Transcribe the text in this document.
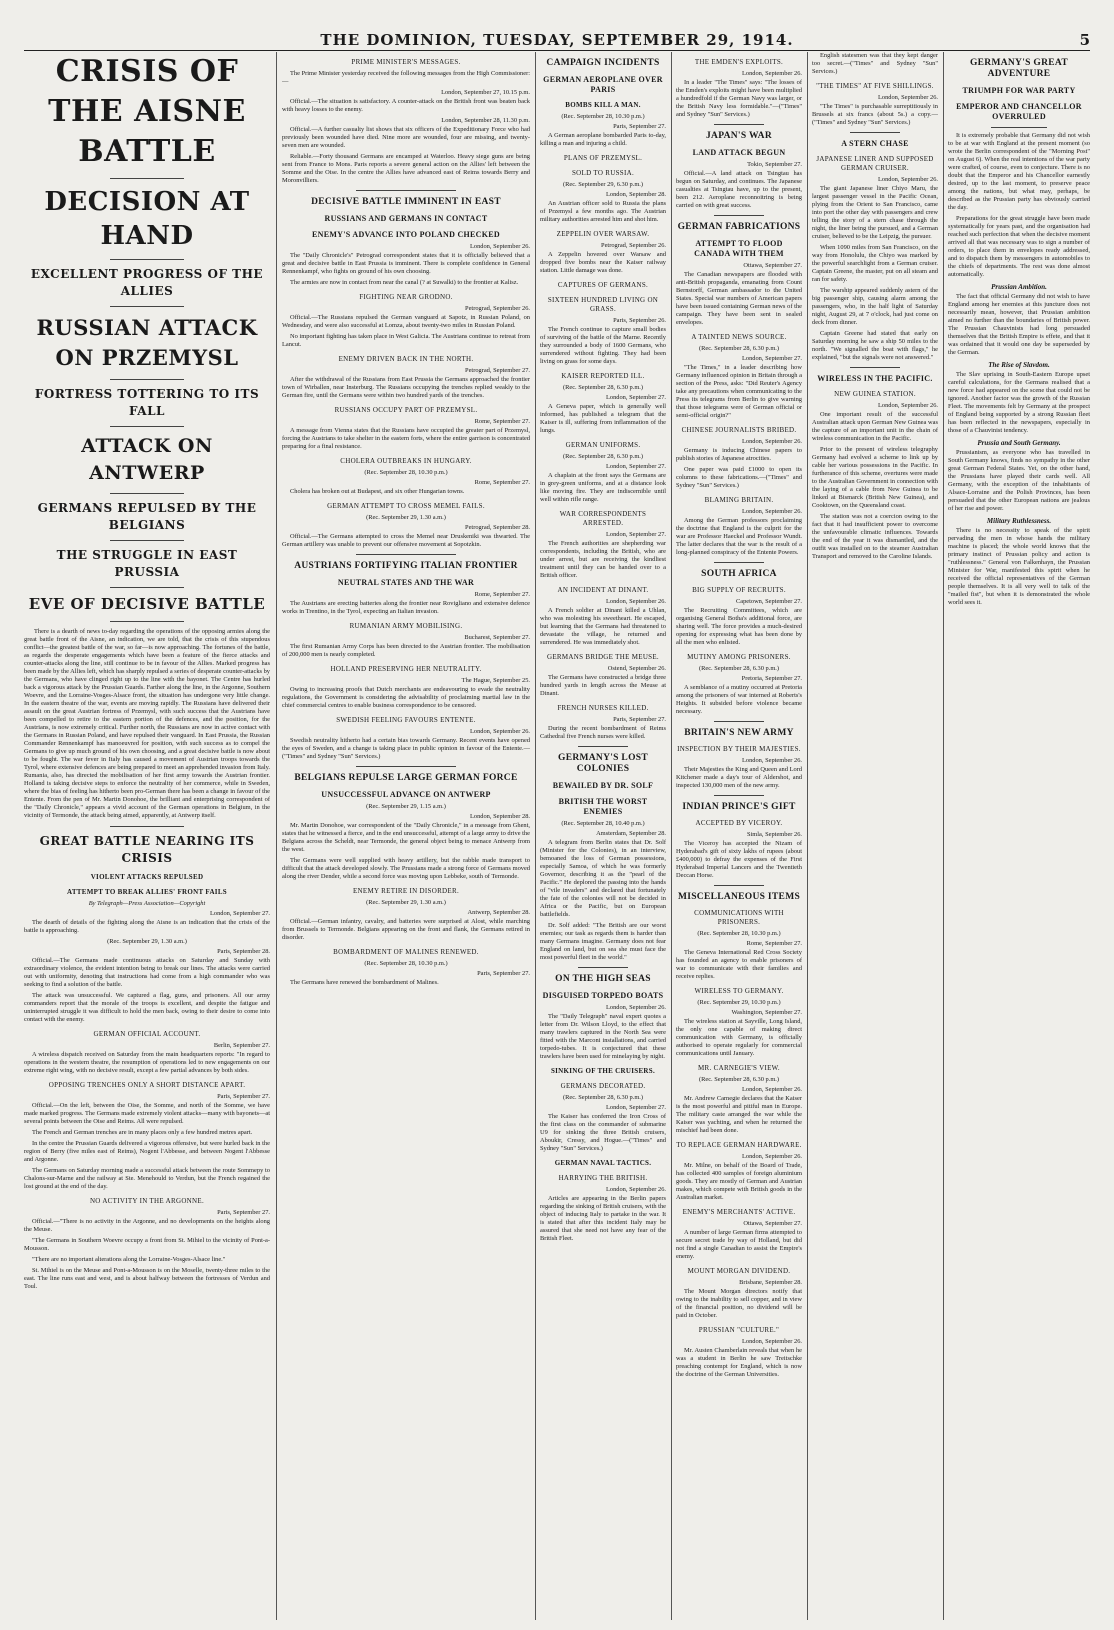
THE DOMINION, TUESDAY, SEPTEMBER 29, 1914.	5
CRISIS OF THE AISNE BATTLE
DECISION AT HAND
EXCELLENT PROGRESS OF THE ALLIES
RUSSIAN ATTACK ON PRZEMYSL
FORTRESS TOTTERING TO ITS FALL
ATTACK ON ANTWERP
GERMANS REPULSED BY THE BELGIANS
THE STRUGGLE IN EAST PRUSSIA
EVE OF DECISIVE BATTLE

There is a dearth of news to-day regarding the operations of the opposing armies along the great battle front of the Aisne, an indication, we are told, that the crisis of this stupendous conflict—the greatest battle of the war, so far—is now approaching. The fortunes of the battle, as regards the desperate engagements which have been a feature of the fierce attacks and counter-attacks along the line, still continue to be in favour of the Allies. Marked progress has been made by the Allies left, which has sharply repulsed a series of desperate counter-attacks by the Germans, who have clinged right up to the line with the bayonet. The Centre has hurled back a vigorous attack by the Prussian Guards. Farther along the line, in the Argonne, Southern Woevre, and the Lorraine-Vosges-Alsace front, the situation has undergone very little change. In the eastern theatre of the war, events are moving rapidly. The Russians have delivered their assault on the great Austrian fortress of Przemysl, with such success that the Austrians have been compelled to retire to the eastern portion of the defences, and the position, for the Austrians, is now extremely critical. Further north, the Russians are now in active contact with the Germans in Russian Poland, and have repulsed their vanguard. In East Prussia, the Russian Commander Rennenkampf has manoeuvred for position, with such success as to compel the Germans to give up much ground of his own choosing, and a great decisive battle is now about to be fought. The war fever in Italy has caused a movement of Austrian troops towards the Tyrol, where extensive defences are being prepared to meet an apprehended invasion from Italy. Rumania, also, has directed the mobilisation of her first army towards the Austrian frontier. Holland is taking decisive steps to enforce the neutrality of her commerce, while in Sweden, where the bias of feeling has hitherto been pro-German there has been a change in favour of the Entente. From the pen of Mr. Martin Donohoe, the brilliant and enterprising correspondent of the "Daily Chronicle," appears a vivid account of the German operations in Belgium, in the vicinity of Termonde, the attack being aimed, apparently, at Antwerp itself.

GREAT BATTLE NEARING ITS CRISIS
VIOLENT ATTACKS REPULSED
ATTEMPT TO BREAK ALLIES' FRONT FAILS
By Telegraph—Press Association—Copyright
London, September 27.

The dearth of details of the fighting along the Aisne is an indication that the crisis of the battle is approaching.

(Rec. September 29, 1.30 a.m.)
Paris, September 28.

Official.—The Germans made continuous attacks on Saturday and Sunday with extraordinary violence, the evident intention being to break our lines. The attacks were carried out with uniformity, denoting that instructions had come from a high commander who was seeking to find a solution of the battle.

The attack was unsuccessful. We captured a flag, guns, and prisoners. All our army commanders report that the morale of the troops is excellent, and despite the fatigue and uninterrupted struggle it was difficult to hold the men back, owing to their desire to come into contact with the enemy.

GERMAN OFFICIAL ACCOUNT.
Berlin, September 27.

A wireless dispatch received on Saturday from the main headquarters reports: "In regard to operations in the western theatre, the resumption of operations led to new engagements on our extreme right wing, with no decisive result, except a few partial advances by both sides.

OPPOSING TRENCHES ONLY A SHORT DISTANCE APART.
Paris, September 27.

Official.—On the left, between the Oise, the Somme, and north of the Somme, we have made marked progress. The Germans made extremely violent attacks—many with bayonets—at several points between the Oise and Reims. All were repulsed.

The French and German trenches are in many places only a few hundred metres apart.

In the centre the Prussian Guards delivered a vigorous offensive, but were hurled back in the region of Berry (five miles east of Reims), Nogent l'Abbesse, and between Nogent l'Abbesse and Argonne.

The Germans on Saturday morning made a successful attack between the route Sommepy to Chalons-sur-Marne and the railway at Ste. Menehould to Verdun, but the French regained the lost ground at the end of the day.

NO ACTIVITY IN THE ARGONNE.
Paris, September 27.

Official.—"There is no activity in the Argonne, and no developments on the heights along the Meuse.

"The Germans in Southern Woevre occupy a front from St. Mihiel to the vicinity of Pont-a-Mousson.

"There are no important alterations along the Lorraine-Vosges-Alsace line."

St. Mihiel is on the Meuse and Pont-a-Mousson is on the Moselle, twenty-three miles to the east. The line runs east and west, and is about halfway between the fortresses of Verdun and Toul.

PRIME MINISTER'S MESSAGES.

The Prime Minister yesterday received the following messages from the High Commissioner:—

London, September 27, 10.15 p.m.

Official.—The situation is satisfactory. A counter-attack on the British front was beaten back with heavy losses to the enemy.

London, September 28, 11.30 p.m.

Official.—A further casualty list shows that six officers of the Expeditionary Force who had previously been wounded have died. Nine more are wounded, four are missing, and twenty-seven men are wounded.

Reliable.—Forty thousand Germans are encamped at Waterloo. Heavy siege guns are being sent from France to Mons. Paris reports a severe general action on the Allies' left between the Somme and the Oise. In the centre the Allies have advanced east of Reims towards Berry and Moronvilliers.

DECISIVE BATTLE IMMINENT IN EAST
RUSSIANS AND GERMANS IN CONTACT
ENEMY'S ADVANCE INTO POLAND CHECKED
London, September 26.

The "Daily Chronicle's" Petrograd correspondent states that it is officially believed that a great and decisive battle in East Prussia is imminent. There is complete confidence in General Rennenkampf, who fights on ground of his own choosing.

The armies are now in contact from near the canal (? at Suwalki) to the frontier at Kalisz.

FIGHTING NEAR GRODNO.
Petrograd, September 26.

Official.—The Russians repulsed the German vanguard at Sapotz, in Russian Poland, on Wednesday, and were also successful at Lomza, about twenty-two miles in Russian Poland.

No important fighting has taken place in West Galicia. The Austrians continue to retreat from Lancut.

ENEMY DRIVEN BACK IN THE NORTH.
Petrograd, September 27.

After the withdrawal of the Russians from East Prussia the Germans approached the frontier town of Wirballen, near Insterburg. The Russians occupying the trenches replied weakly to the German fire, until the Germans were within two hundred yards of the trenches.

RUSSIANS OCCUPY PART OF PRZEMYSL.
Rome, September 27.

A message from Vienna states that the Russians have occupied the greater part of Przemysl, forcing the Austrians to take shelter in the eastern forts, where the entire garrison is concentrated preparing for a final resistance.

CHOLERA OUTBREAKS IN HUNGARY.
(Rec. September 28, 10.30 p.m.)
Rome, September 27.

Cholera has broken out at Budapest, and six other Hungarian towns.

GERMAN ATTEMPT TO CROSS MEMEL FAILS.
(Rec. September 29, 1.30 a.m.)
Petrograd, September 28.

Official.—The Germans attempted to cross the Memel near Druskeniki was thwarted. The German artillery was unable to prevent our offensive movement at Sopotzkin.

AUSTRIANS FORTIFYING ITALIAN FRONTIER
NEUTRAL STATES AND THE WAR
Rome, September 27.

The Austrians are erecting batteries along the frontier near Rovigliano and extensive defence works in Trentino, in the Tyrol, expecting an Italian invasion.

RUMANIAN ARMY MOBILISING.
Bucharest, September 27.

The first Rumanian Army Corps has been directed to the Austrian frontier. The mobilisation of 200,000 men is nearly completed.

HOLLAND PRESERVING HER NEUTRALITY.
The Hague, September 25.

Owing to increasing proofs that Dutch merchants are endeavouring to evade the neutrality regulations, the Government is considering the advisability of proclaiming martial law in the chief commercial centres to enable business correspondence to be censored.

SWEDISH FEELING FAVOURS ENTENTE.
London, September 26.

Swedish neutrality hitherto had a certain bias towards Germany. Recent events have opened the eyes of Sweden, and a change is taking place in public opinion in favour of the Entente.—("Times" and Sydney "Sun" Services.)

BELGIANS REPULSE LARGE GERMAN FORCE
UNSUCCESSFUL ADVANCE ON ANTWERP
(Rec. September 29, 1.15 a.m.)
London, September 28.

Mr. Martin Donohoe, war correspondent of the "Daily Chronicle," in a message from Ghent, states that he witnessed a fierce, and in the end unsuccessful, attempt of a large army to drive the Belgians across the Scheldt, near Termonde, the general object being to menace Antwerp from the west.

The Germans were well supplied with heavy artillery, but the rabble made transport to difficult that the attack developed slowly. The Prussians made a strong force of Germans moved along the river Dender, while a second force was moving upon Lebbeke, south of Termonde.

ENEMY RETIRE IN DISORDER.
(Rec. September 29, 1.30 a.m.)
Antwerp, September 28.

Official.—German infantry, cavalry, and batteries were surprised at Alost, while marching from Brussels to Termonde. Belgians appearing on the front and flank, the Germans retired in disorder.

BOMBARDMENT OF MALINES RENEWED.
(Rec. September 28, 10.30 p.m.)
Paris, September 27.

The Germans have renewed the bombardment of Malines.

CAMPAIGN INCIDENTS
GERMAN AEROPLANE OVER PARIS
BOMBS KILL A MAN.
(Rec. September 28, 10.30 p.m.)
Paris, September 27.

A German aeroplane bombarded Paris to-day, killing a man and injuring a child.

PLANS OF PRZEMYSL.
SOLD TO RUSSIA.
(Rec. September 29, 6.30 p.m.)
London, September 28.

An Austrian officer sold to Russia the plans of Przemysl a few months ago. The Austrian military authorities arrested him and shot him.

ZEPPELIN OVER WARSAW.
Petrograd, September 26.

A Zeppelin hovered over Warsaw and dropped five bombs near the Kaiser railway station. Little damage was done.

CAPTURES OF GERMANS.
SIXTEEN HUNDRED LIVING ON GRASS.
Paris, September 26.

The French continue to capture small bodies of surviving of the battle of the Marne. Recently they surrounded a body of 1600 Germans, who surrendered without fighting. They had been living on grass for some days.

KAISER REPORTED ILL.
(Rec. September 28, 6.30 p.m.)
London, September 27.

A Geneva paper, which is generally well informed, has published a telegram that the Kaiser is ill, suffering from inflammation of the lungs.

GERMAN UNIFORMS.
(Rec. September 28, 6.30 p.m.)
London, September 27.

A chaplain at the front says the Germans are in grey-green uniforms, and at a distance look like moving fire. They are indiscernible until well within rifle range.

WAR CORRESPONDENTS ARRESTED.
London, September 27.

The French authorities are shepherding war correspondents, including the British, who are under arrest, but are receiving the kindliest treatment until they can be handed over to a British officer.

AN INCIDENT AT DINANT.
London, September 26.

A French soldier at Dinant killed a Uhlan, who was molesting his sweetheart. He escaped, but learning that the Germans had threatened to devastate the village, he returned and surrendered. He was immediately shot.

GERMANS BRIDGE THE MEUSE.
Ostend, September 26.

The Germans have constructed a bridge three hundred yards in length across the Meuse at Dinant.

FRENCH NURSES KILLED.
Paris, September 27.

During the recent bombardment of Reims Cathedral five French nurses were killed.

GERMANY'S LOST COLONIES
BEWAILED BY DR. SOLF
BRITISH THE WORST ENEMIES
(Rec. September 28, 10.40 p.m.)
Amsterdam, September 28.

A telegram from Berlin states that Dr. Solf (Minister for the Colonies), in an interview, bemoaned the loss of German possessions, especially Samoa, of which he was formerly Governor, describing it as the "pearl of the Pacific." He deplored the passing into the hands of "vile invaders" and declared that fortunately the fate of the colonies will not be decided in Africa or the Pacific, but on European battlefields.

Dr. Solf added: "The British are our worst enemies; our task as regards them is harder than many Germans imagine. Germany does not fear England on land, but on sea she must face the most powerful fleet in the world."

ON THE HIGH SEAS
DISGUISED TORPEDO BOATS
London, September 26.

The "Daily Telegraph" naval expert quotes a letter from Dr. Wilson Lloyd, to the effect that many trawlers captured in the North Sea were fitted with the Marconi installations, and carried torpedo-tubes. It is conjectured that these trawlers have been used for minelaying by night.

SINKING OF THE CRUISERS.
GERMANS DECORATED.
(Rec. September 28, 6.30 p.m.)
London, September 27.

The Kaiser has conferred the Iron Cross of the first class on the commander of submarine U9 for sinking the three British cruisers, Aboukir, Cressy, and Hogue.—("Times" and Sydney "Sun" Services.)

GERMAN NAVAL TACTICS.
HARRYING THE BRITISH.
London, September 26.

Articles are appearing in the Berlin papers regarding the sinking of British cruisers, with the object of inducing Italy to partake in the war. It is stated that after this incident Italy may be assured that she need not have any fear of the British Fleet.

THE EMDEN'S EXPLOITS.
London, September 26.

In a leader "The Times" says: "The losses of the Emden's exploits might have been multiplied a hundredfold if the German Navy was larger, or the British Navy less formidable."—("Times" and Sydney "Sun" Services.)

JAPAN'S WAR
LAND ATTACK BEGUN
Tokio, September 27.

Official.—A land attack on Tsingtau has begun on Saturday, and continues. The Japanese casualties at Tsingtau have, up to the present, been 212. Aeroplane reconnoitring is being carried on with great success.

GERMAN FABRICATIONS
ATTEMPT TO FLOOD CANADA WITH THEM
Ottawa, September 27.

The Canadian newspapers are flooded with anti-British propaganda, emanating from Count Bernstorff, German ambassador to the United States. Special war numbers of American papers have been issued containing German news of the campaign. They have been sent in sealed envelopes.

A TAINTED NEWS SOURCE.
(Rec. September 28, 6.30 p.m.)
London, September 27.

"The Times," in a leader describing how Germany influenced opinion in Britain through a section of the Press, asks: "Did Reuter's Agency take any precautions when communicating to the Press its telegrams from Berlin to give warning that those telegrams were of German official or semi-official origin?"

CHINESE JOURNALISTS BRIBED.
London, September 26.

Germany is inducing Chinese papers to publish stories of Japanese atrocities.

One paper was paid £1000 to open its columns to these fabrications.—("Times" and Sydney "Sun" Services.)

BLAMING BRITAIN.
London, September 26.

Among the German professors proclaiming the doctrine that England is the culprit for the war are Professor Haeckel and Professor Wundt. The latter declares that the war is the result of a long-planned conspiracy of the Entente Powers.

SOUTH AFRICA
BIG SUPPLY OF RECRUITS.
Capetown, September 27.

The Recruiting Committees, which are organising General Botha's additional force, are sharing well. The force provides a much-desired opening for expressing what has been done by all the men who enlisted.

MUTINY AMONG PRISONERS.
(Rec. September 28, 6.30 p.m.)
Pretoria, September 27.

A semblance of a mutiny occurred at Pretoria among the prisoners of war interned at Roberts's Heights. It subsided before violence became necessary.

BRITAIN'S NEW ARMY
INSPECTION BY THEIR MAJESTIES.
London, September 26.

Their Majesties the King and Queen and Lord Kitchener made a day's tour of Aldershot, and inspected 130,000 men of the new army.

INDIAN PRINCE'S GIFT
ACCEPTED BY VICEROY.
Simla, September 26.

The Viceroy has accepted the Nizam of Hyderabad's gift of sixty lakhs of rupees (about £400,000) to defray the expenses of the First Hyderabad Imperial Lancers and the Twentieth Deccan Horse.

MISCELLANEOUS ITEMS
COMMUNICATIONS WITH PRISONERS.
(Rec. September 28, 10.30 p.m.)
Rome, September 27.

The Geneva International Red Cross Society has founded an agency to enable prisoners of war to communicate with their families and receive replies.

WIRELESS TO GERMANY.
(Rec. September 29, 10.30 p.m.)
Washington, September 27.

The wireless station at Sayville, Long Island, the only one capable of making direct communication with Germany, is officially authorised to operate regularly for commercial communications until January.

MR. CARNEGIE'S VIEW.
(Rec. September 28, 6.30 p.m.)
London, September 26.

Mr. Andrew Carnegie declares that the Kaiser is the most powerful and pitiful man in Europe. The military caste arranged the war while the Kaiser was yachting, and when he returned the mischief had been done.

TO REPLACE GERMAN HARDWARE.
London, September 26.

Mr. Milne, on behalf of the Board of Trade, has collected 400 samples of foreign aluminium goods. They are mostly of German and Austrian makes, which compete with British goods in the Australian market.

ENEMY'S MERCHANTS' ACTIVE.
Ottawa, September 27.

A number of large German firms attempted to secure secret trade by way of Holland, but did not find a single Canadian to assist the Empire's enemy.

MOUNT MORGAN DIVIDEND.
Brisbane, September 28.

The Mount Morgan directors notify that owing to the inability to sell copper, and in view of the financial position, no dividend will be paid in October.

PRUSSIAN "CULTURE."
London, September 26.

Mr. Austen Chamberlain reveals that when he was a student in Berlin he saw Treitschke preaching contempt for England, which is now the doctrine of the German Universities.

English statesmen was that they kept danger too secret.—("Times" and Sydney "Sun" Services.)

"THE TIMES" AT FIVE SHILLINGS.
London, September 26.

"The Times" is purchasable surreptitiously in Brussels at six francs (about 5s.) a copy.—("Times" and Sydney "Sun" Services.)

A STERN CHASE
JAPANESE LINER AND SUPPOSED GERMAN CRUISER.
London, September 26.

The giant Japanese liner Chiyo Maru, the largest passenger vessel in the Pacific Ocean, plying from the Orient to San Francisco, came into port the other day with passengers and crew telling the story of a stern chase through the night, the liner being the pursued, and a German cruiser, believed to be the Leipzig, the pursuer.

When 1090 miles from San Francisco, on the way from Honolulu, the Chiyo was marked by the powerful searchlight from a German cruiser. Captain Greene, the master, put on all steam and ran for safety.

The warship appeared suddenly astern of the big passenger ship, causing alarm among the passengers, who, in the half light of Saturday night, August 29, at 7 o'clock, had just come on deck from dinner.

Captain Greene had stated that early on Saturday morning he saw a ship 50 miles to the north. "We signalled the boat with flags," he explained, "but the signals were not answered."

WIRELESS IN THE PACIFIC.
NEW GUINEA STATION.
London, September 26.

One important result of the successful Australian attack upon German New Guinea was the capture of an important unit in the chain of wireless communication in the Pacific.

Prior to the present of wireless telegraphy Germany had evolved a scheme to link up by cable her various possessions in the Pacific. In furtherance of this scheme, overtures were made to the Australian Government in connection with the laying of a cable from New Guinea to be linked at Bismarck (British New Guinea), and Cooktown, on the Queensland coast.

The station was not a coercion owing to the fact that it had insufficient power to overcome the unfavourable climatic influences. Towards the end of the year it was dismantled, and the outfit was installed on to the steamer Australian Transport and removed to the Caroline Islands.

GERMANY'S GREAT ADVENTURE
TRIUMPH FOR WAR PARTY
EMPEROR AND CHANCELLOR OVERRULED

It is extremely probable that Germany did not wish to be at war with England at the present moment (so wrote the Berlin correspondent of the "Morning Post" on August 6). When the real intentions of the war party were crafted, of course, even to conjecture. There is no doubt that the Emperor and his Chancellor earnestly desired, up to the last moment, to preserve peace among the nations, but what may, perhaps, be described as the Prussian party has obviously carried the day.

Preparations for the great struggle have been made systematically for years past, and the organisation had reached such perfection that when the decisive moment arrived all that was necessary was to sign a number of orders, to place them in envelopes ready addressed, and to dispatch them by messengers in automobiles to the chiefs of departments. The rest was done almost automatically.

Prussian Ambition.

The fact that official Germany did not wish to have England among her enemies at this juncture does not necessarily mean, however, that Prussian ambition aimed no further than the boundaries of British power. The Prussian Chauvinists had long persuaded themselves that the British Empire is effete, and that it was ordained that it would one day be superseded by the German.

The Rise of Slavdom.

The Slav uprising in South-Eastern Europe upset careful calculations, for the Germans realised that a new force had appeared on the scene that could not be ignored. Another factor was the growth of the Russian Fleet. The movements felt by Germany at the prospect of England being supported by a strong Russian fleet has been reflected in the newspapers, especially in those of a Chauvinist tendency.

Prussia and South Germany.

Prussianism, as everyone who has travelled in South Germany knows, finds no sympathy in the other great German Federal States. Yet, on the other hand, the Prussians have played their cards well. All Germany, with the exception of the inhabitants of Alsace-Lorraine and the Polish Provinces, has been persuaded that the other European nations are jealous of her rise and power.

Military Ruthlessness.

There is no necessity to speak of the spirit pervading the men in whose hands the military machine is placed; the whole world knows that the primary instinct of Prussian policy and action is "ruthlessness." General von Falkenhayn, the Prussian Minister for War, manifested this spirit when he received the official representatives of the German people themselves. It is all very well to talk of the "mailed fist", but when it is demonstrated the whole world sees it.
